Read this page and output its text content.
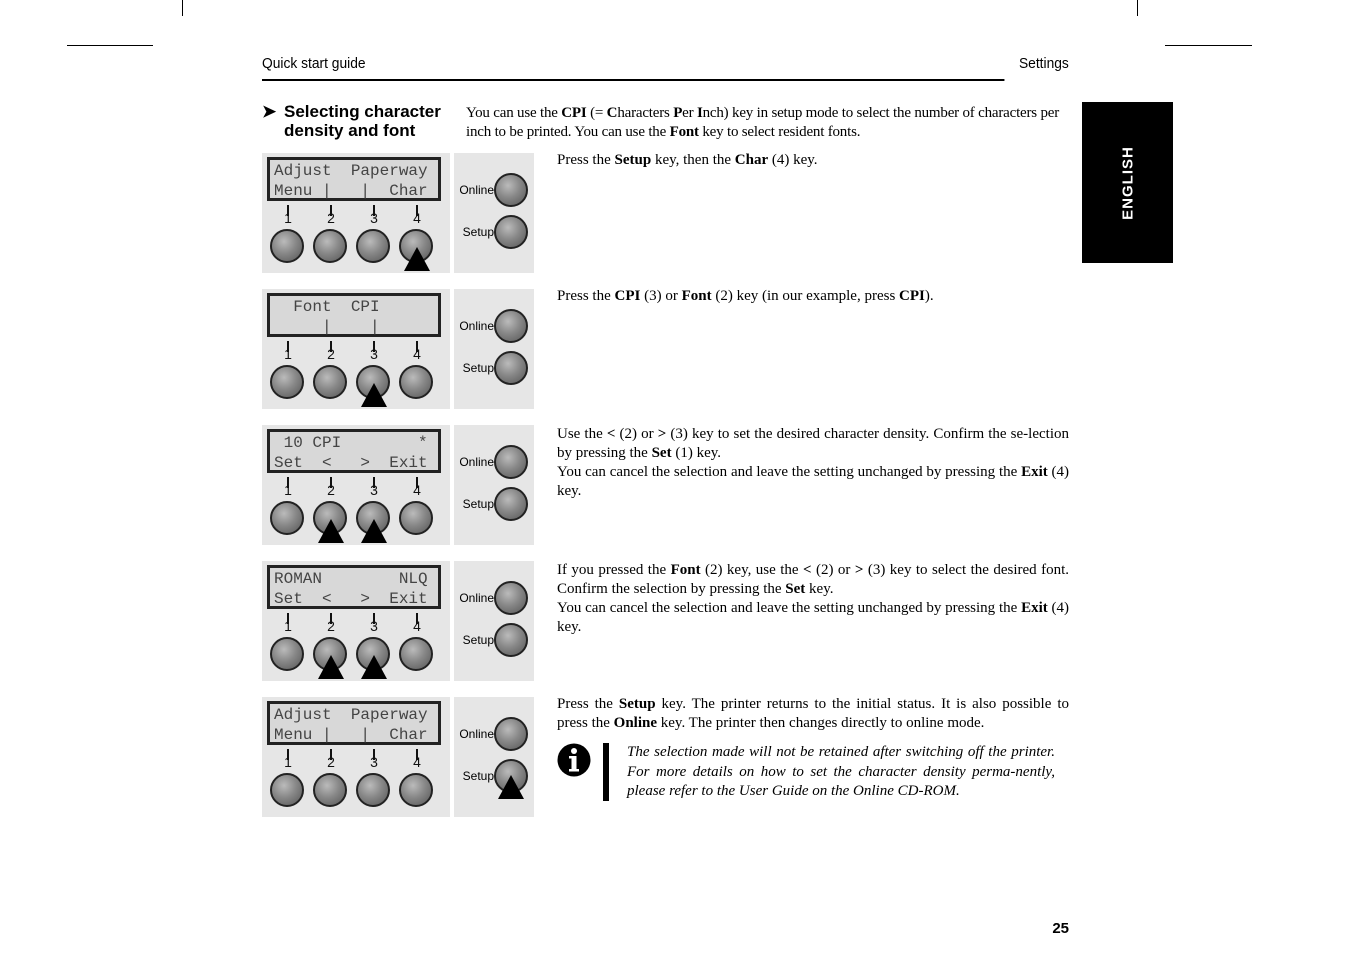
Quick start guide	Settings
ENGLISH
➤ Selecting character density and font
You can use the CPI (= Characters Per Inch) key in setup mode to select the number of characters per inch to be printed. You can use the Font key to select resident fonts.
Adjust  Paperway
Menu |   |  Char
1	2	3	4
Online
Setup

Press the Setup key, then the Char (4) key.

Font  CPI
|    |
1	2	3	4
Online
Setup

Press the CPI (3) or Font (2) key (in our example, press CPI).

10 CPI        *
Set  <   >  Exit
1	2	3	4
Online
Setup

Use the < (2) or > (3) key to set the desired character density. Confirm the se-lection by pressing the Set (1) key.

You can cancel the selection and leave the setting unchanged by pressing the Exit (4) key.

ROMAN        NLQ
Set  <   >  Exit
1	2	3	4
Online
Setup

If you pressed the Font (2) key, use the < (2) or > (3) key to select the desired font. Confirm the selection by pressing the Set key.

You can cancel the selection and leave the setting unchanged by pressing the Exit (4) key.

Adjust  Paperway
Menu |   |  Char
1	2	3	4
Online
Setup

Press the Setup key. The printer returns to the initial status. It is also possible to press the Online key. The printer then changes directly to online mode.

The selection made will not be retained after switching off the printer. For more details on how to set the character density perma-nently, please refer to the User Guide on the Online CD-ROM.
25
